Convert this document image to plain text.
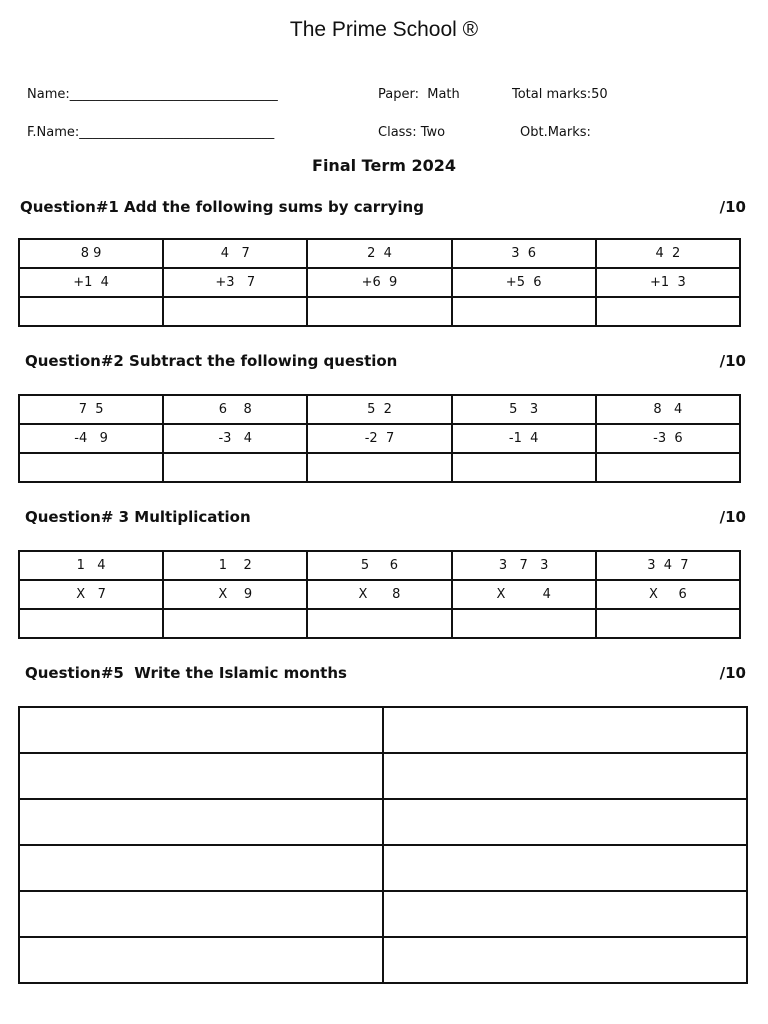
The Prime School ®
Name:________________________________	Paper:  Math	Total marks:50
F.Name:______________________________	Class: Two	Obt.Marks:
Final Term 2024
Question#1 Add the following sums by carrying	/10
8 9	4   7	2  4	3  6	4  2
+1  4	+3   7	+6  9	+5  6	+1  3

Question#2 Subtract the following question	/10
7  5	6    8	5  2	5   3	8   4
-4   9	-3   4	-2  7	-1  4	-3  6

Question# 3 Multiplication	/10
1   4	1    2	5     6	3   7   3	3  4  7
X   7	X    9	X      8	X         4	X     6

Question#5  Write the Islamic months	/10
